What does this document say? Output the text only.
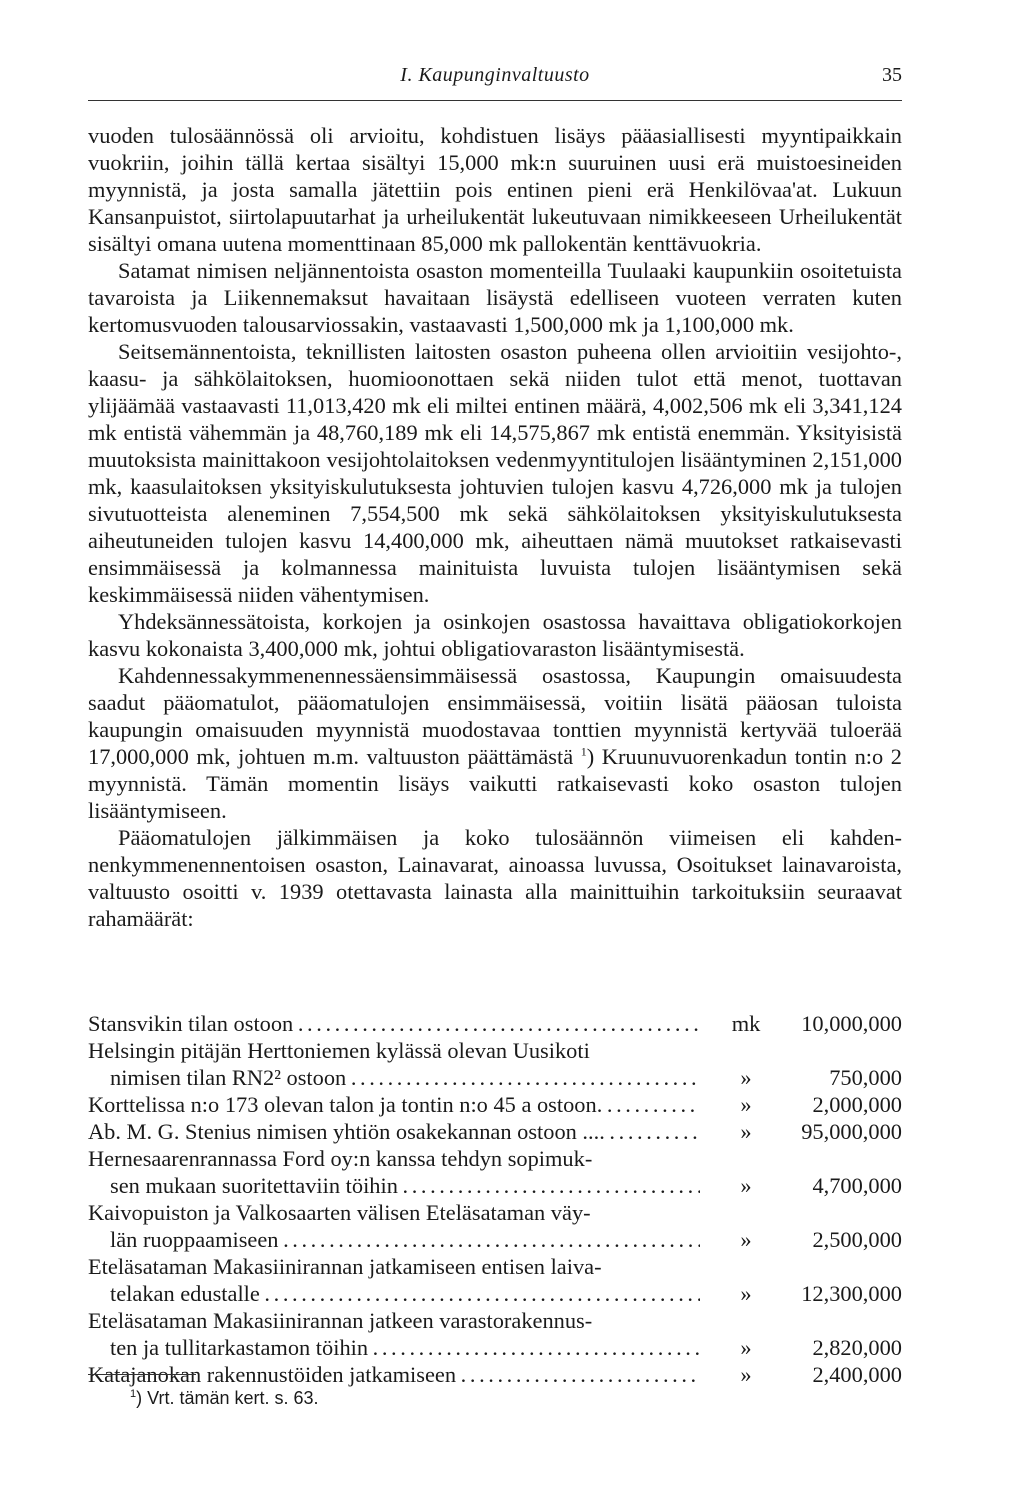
I. Kaupunginvaltuusto	35

vuoden tulosäännössä oli arvioitu, kohdistuen lisäys pääasiallisesti myyntipaikkain vuokriin, joihin tällä kertaa sisältyi 15,000 mk:n suuruinen uusi erä muistoesineiden myynnistä, ja josta samalla jätettiin pois entinen pieni erä Henkilövaa'at. Lukuun Kansanpuistot, siirtolapuutarhat ja urheilukentät lukeutuvaan nimikkeeseen Urheilukentät sisältyi omana uutena momenttinaan 85,000 mk pallokentän kenttävuokria.

Satamat nimisen neljännentoista osaston momenteilla Tuulaaki kaupunkiin osoitetuista tavaroista ja Liikennemaksut havaitaan lisäystä edelliseen vuoteen verraten kuten kertomusvuoden talousarviossakin, vastaavasti 1,500,000 mk ja 1,100,000 mk.

Seitsemännentoista, teknillisten laitosten osaston puheena ollen arvioitiin vesijohto-, kaasu- ja sähkölaitoksen, huomioonottaen sekä niiden tulot että menot, tuottavan ylijäämää vastaavasti 11,013,420 mk eli miltei entinen määrä, 4,002,506 mk eli 3,341,124 mk entistä vähemmän ja 48,760,189 mk eli 14,575,867 mk entistä enemmän. Yksityisistä muutoksista mainittakoon vesijohtolaitoksen vedenmyyntitulojen lisääntyminen 2,151,000 mk, kaasulaitoksen yksityiskulutuksesta johtuvien tulojen kasvu 4,726,000 mk ja tulojen sivutuotteista aleneminen 7,554,500 mk sekä sähkölaitoksen yksityiskulutuksesta aiheutuneiden tulojen kasvu 14,400,000 mk, aiheuttaen nämä muutokset ratkaisevasti ensimmäisessä ja kolmannessa mainituista luvuista tulojen lisääntymisen sekä keskimmäisessä niiden vähentymisen.

Yhdeksännessätoista, korkojen ja osinkojen osastossa havaittava obligatiokorkojen kasvu kokonaista 3,400,000 mk, johtui obligatiovaraston lisääntymisestä.

Kahdennessakymmenennessäensimmäisessä osastossa, Kaupungin omaisuudesta saadut pääomatulot, pääomatulojen ensimmäisessä, voitiin lisätä pääosan tuloista kaupungin omaisuuden myynnistä muodostavaa tonttien myynnistä kertyvää tuloerää 17,000,000 mk, johtuen m.m. valtuuston päättämästä $^1$) Kruunuvuorenkadun tontin n:o 2 myynnistä. Tämän momentin lisäys vaikutti ratkaisevasti koko osaston tulojen lisääntymiseen.

Pääomatulojen jälkimmäisen ja koko tulosäännön viimeisen eli kahdennenkymmenennentoisen osaston, Lainavarat, ainoassa luvussa, Osoitukset lainavaroista, valtuusto osoitti v. 1939 otettavasta lainasta alla mainittuihin tarkoituksiin seuraavat rahamäärät:

Stansvikin tilan ostoon . . .	mk 10,000,000
Helsingin pitäjän Herttoniemen kylässä olevan Uusikoti
nimisen tilan RN2² ostoon . . .	»	750,000
Korttelissa n:o 173 olevan talon ja tontin n:o 45 a ostoon. . . .	»	2,000,000
Ab. M. G. Stenius nimisen yhtiön osakekannan ostoon .... . . .	»	95,000,000
Hernesaarenrannassa Ford oy:n kanssa tehdyn sopimuk-
sen mukaan suoritettaviin töihin . . .	»	4,700,000
Kaivopuiston ja Valkosaarten välisen Eteläsataman väy-
län ruoppaamiseen . . .	»	2,500,000
Eteläsataman Makasiinirannan jatkamiseen entisen laiva-
telakan edustalle . . .	»	12,300,000
Eteläsataman Makasiinirannan jatkeen varastorakennus-
ten ja tullitarkastamon töihin . . .	»	2,820,000
Katajanokan rakennustöiden jatkamiseen . . .	»	2,400,000
$^1$) Vrt. tämän kert. s. 63.
